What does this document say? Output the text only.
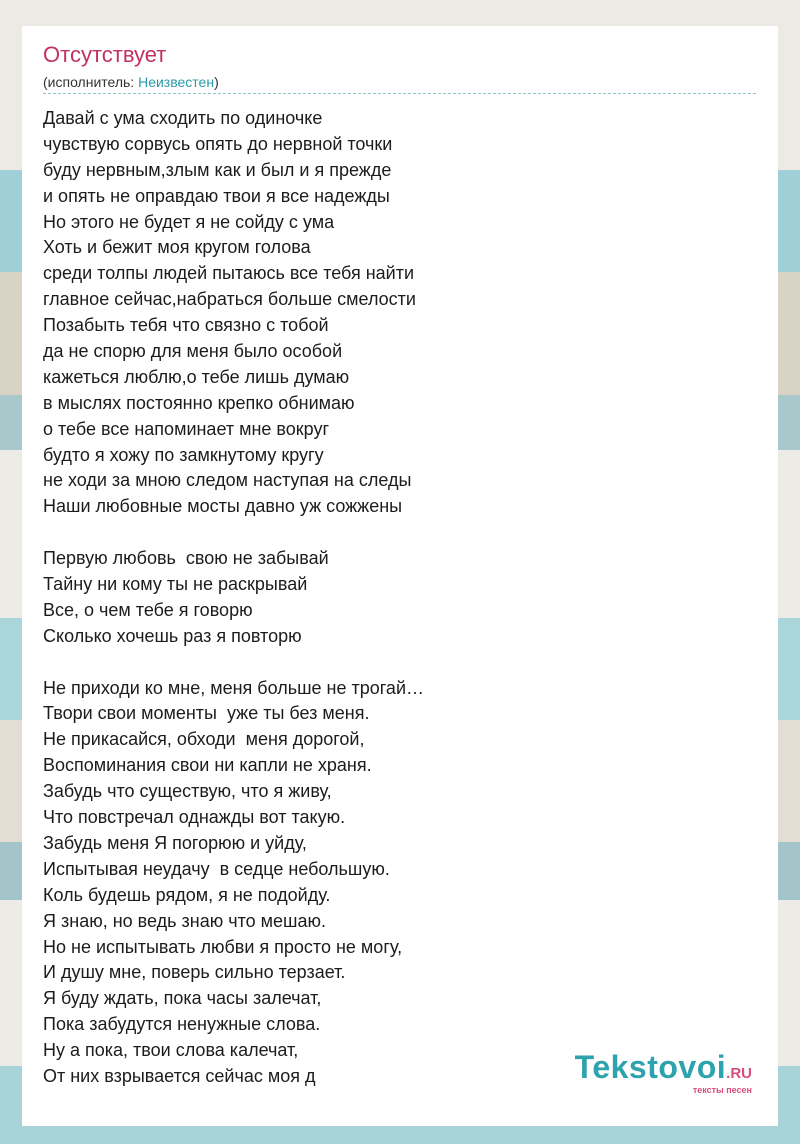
Отсутствует
(исполнитель: Неизвестен)
Давай с ума сходить по одиночке
чувствую сорвусь опять до нервной точки
буду нервным,злым как и был и я прежде
и опять не оправдаю твои я все надежды
Но этого не будет я не сойду с ума
Хоть и бежит моя кругом голова
среди толпы людей пытаюсь все тебя найти
главное сейчас,набраться больше смелости
Позабыть тебя что связно с тобой
да не спорю для меня было особой
кажеться люблю,о тебе лишь думаю
в мыслях постоянно крепко обнимаю
о тебе все напоминает мне вокруг
будто я хожу по замкнутому кругу
не ходи за мною следом наступая на следы
Наши любовные мосты давно уж сожжены
Первую любовь  свою не забывай
Тайну ни кому ты не раскрывай
Все, о чем тебе я говорю
Сколько хочешь раз я повторю
Не приходи ко мне, меня больше не трогай…
Твори свои моменты  уже ты без меня.
Не прикасайся, обходи  меня дорогой,
Воспоминания свои ни капли не храня.
Забудь что существую, что я живу,
Что повстречал однажды вот такую.
Забудь меня Я погорюю и уйду,
Испытывая неудачу  в седце небольшую.
Коль будешь рядом, я не подойду.
Я знаю, но ведь знаю что мешаю.
Но не испытывать любви я просто не могу,
И душу мне, поверь сильно терзает.
Я буду ждать, пока часы залечат,
Пока забудутся ненужные слова.
Ну а пока, твои слова калечат,
От них взрывается сейчас моя д	Tekstovoi.RU
тексты песен
